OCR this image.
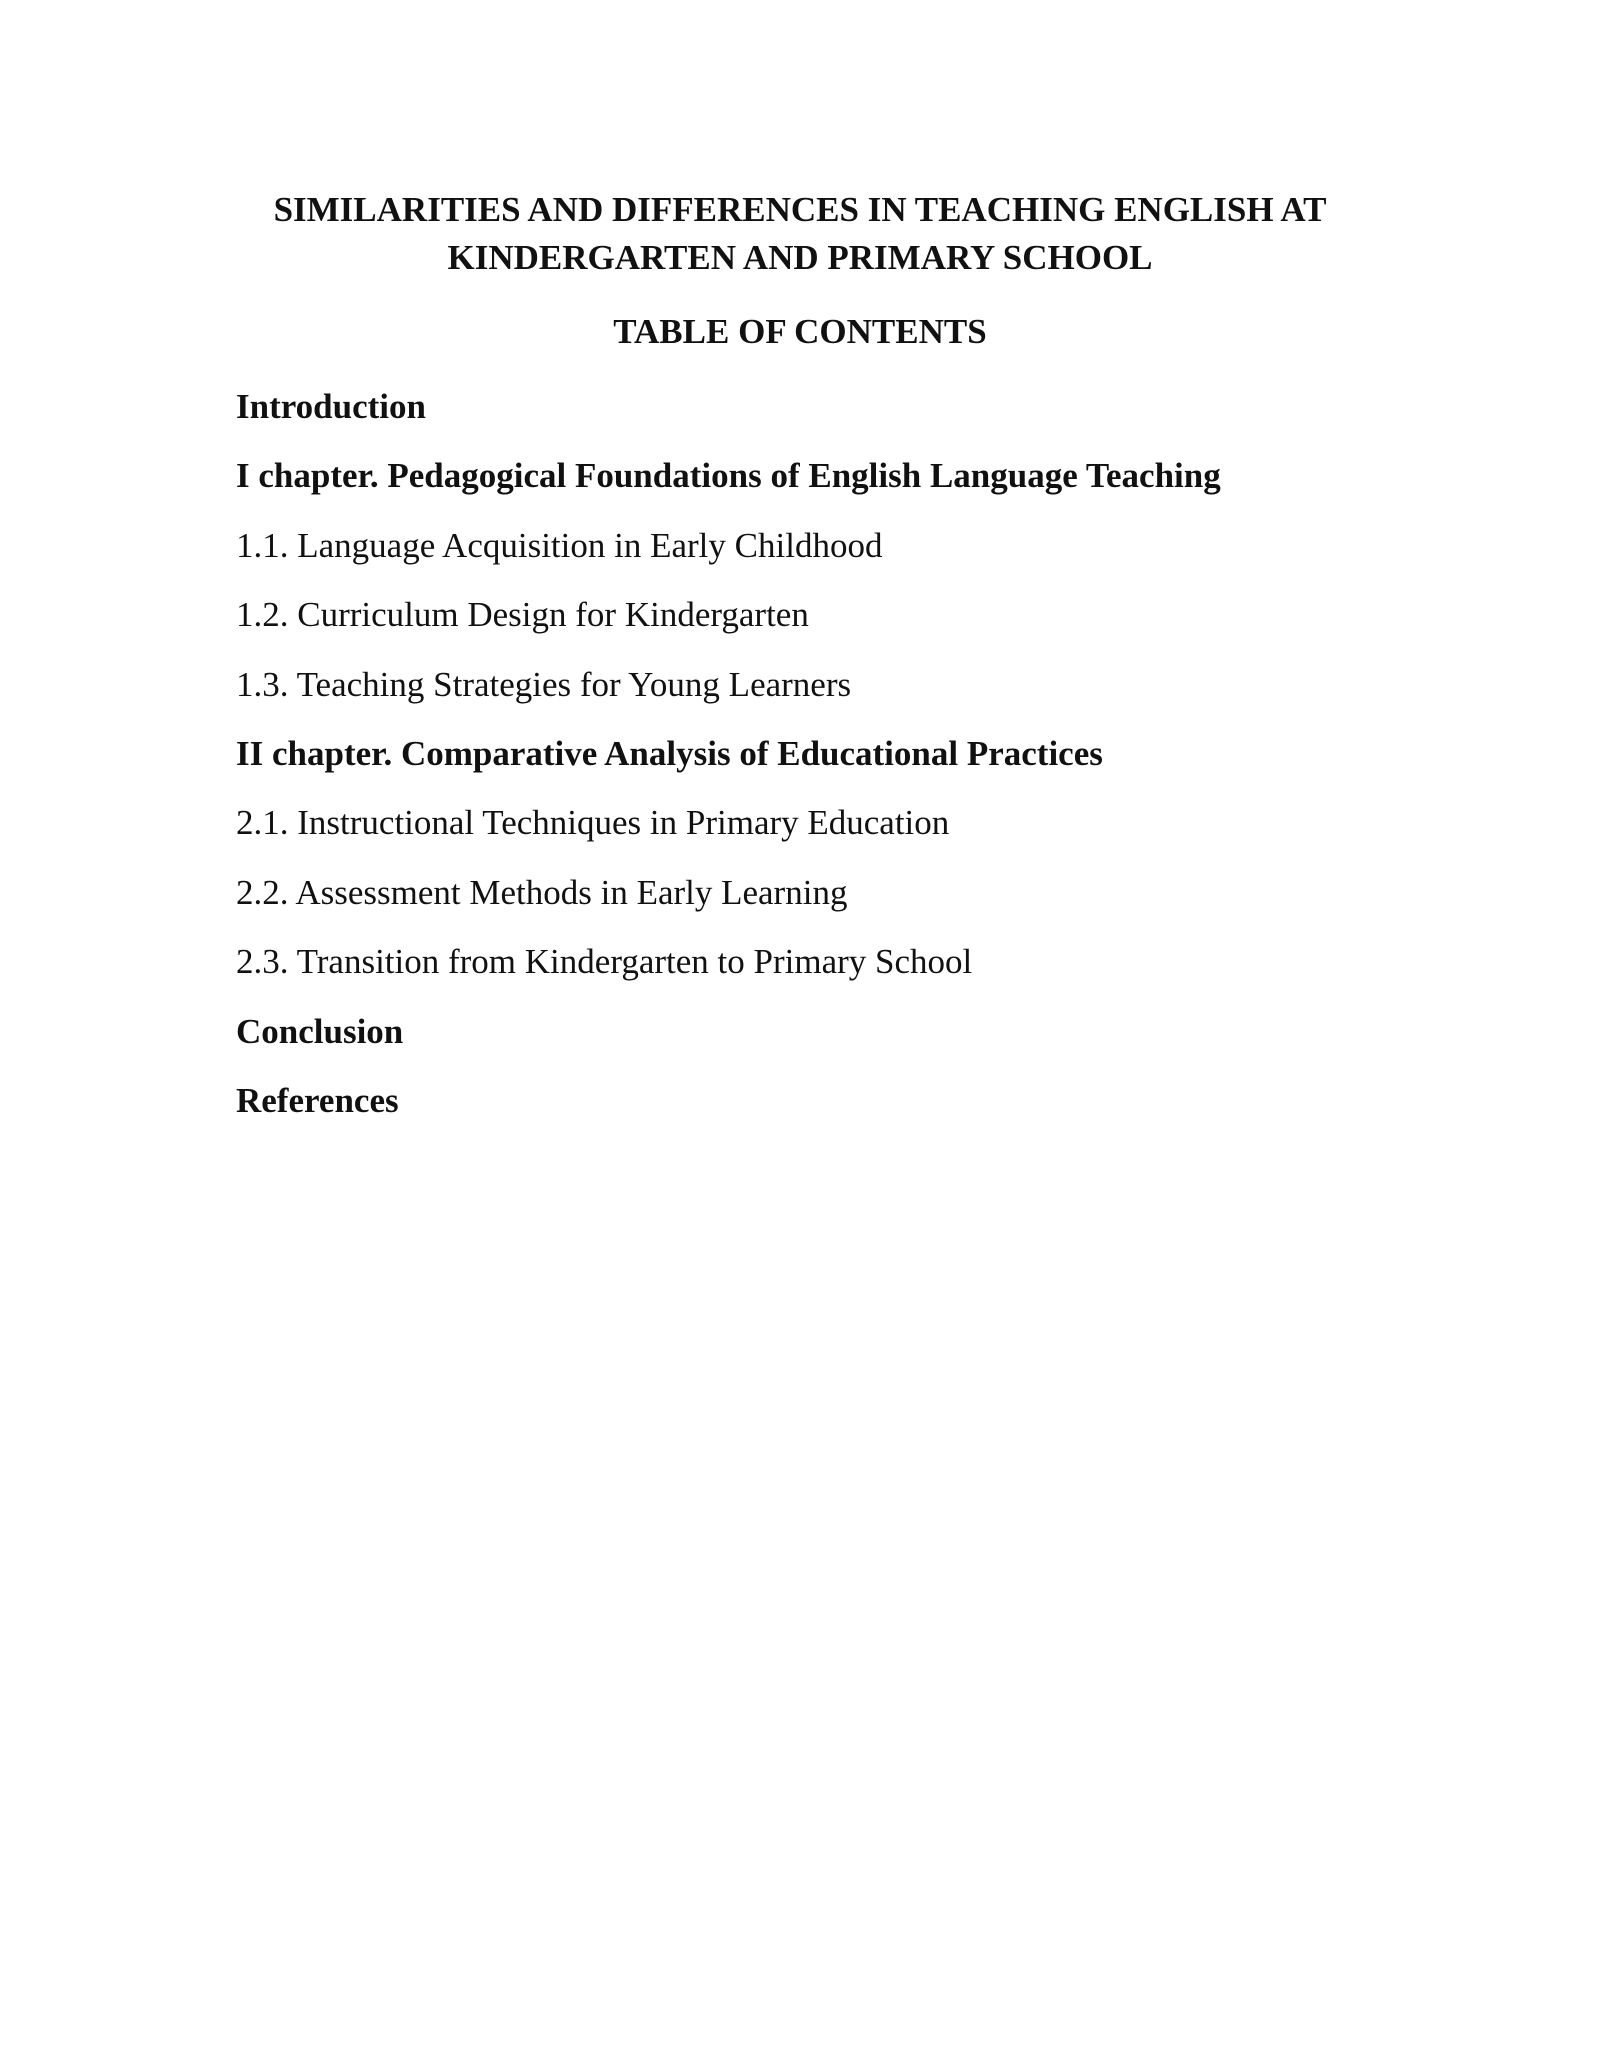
SIMILARITIES AND DIFFERENCES IN TEACHING ENGLISH AT
KINDERGARTEN AND PRIMARY SCHOOL
TABLE OF CONTENTS
Introduction
I chapter. Pedagogical Foundations of English Language Teaching
1.1. Language Acquisition in Early Childhood
1.2. Curriculum Design for Kindergarten
1.3. Teaching Strategies for Young Learners
II chapter. Comparative Analysis of Educational Practices
2.1. Instructional Techniques in Primary Education
2.2. Assessment Methods in Early Learning
2.3. Transition from Kindergarten to Primary School
Conclusion
References
